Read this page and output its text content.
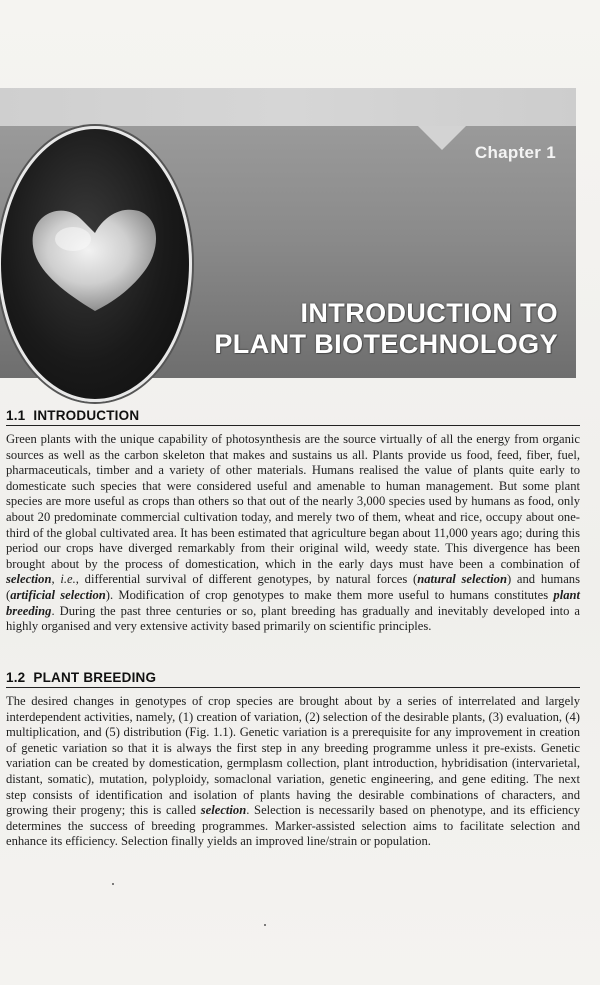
Chapter 1
INTRODUCTION TO
PLANT BIOTECHNOLOGY
1.1 INTRODUCTION

Green plants with the unique capability of photosynthesis are the source virtually of all the energy from organic sources as well as the carbon skeleton that makes and sustains us all. Plants provide us food, feed, fiber, fuel, pharmaceuticals, timber and a variety of other materials. Humans realised the value of plants quite early to domesticate such species that were considered useful and amenable to human management. But some plant species are more useful as crops than others so that out of the nearly 3,000 species used by humans as food, only about 20 predominate commercial cultivation today, and merely two of them, wheat and rice, occupy about one-third of the global cultivated area. It has been estimated that agriculture began about 11,000 years ago; during this period our crops have diverged remarkably from their original wild, weedy state. This divergence has been brought about by the process of domestication, which in the early days must have been a combination of selection, i.e., differential survival of different genotypes, by natural forces (natural selection) and humans (artificial selection). Modification of crop genotypes to make them more useful to humans constitutes plant breeding. During the past three centuries or so, plant breeding has gradually and inevitably developed into a highly organised and very extensive activity based primarily on scientific principles.

1.2 PLANT BREEDING

The desired changes in genotypes of crop species are brought about by a series of interrelated and largely interdependent activities, namely, (1) creation of variation, (2) selection of the desirable plants, (3) evaluation, (4) multiplication, and (5) distribution (Fig. 1.1). Genetic variation is a prerequisite for any improvement in creation of genetic variation so that it is always the first step in any breeding programme unless it pre-exists. Genetic variation can be created by domestication, germplasm collection, plant introduction, hybridisation (intervarietal, distant, somatic), mutation, polyploidy, somaclonal variation, genetic engineering, and gene editing. The next step consists of identification and isolation of plants having the desirable combinations of characters, and growing their progeny; this is called selection. Selection is necessarily based on phenotype, and its efficiency determines the success of breeding programmes. Marker-assisted selection aims to facilitate selection and enhance its efficiency. Selection finally yields an improved line/strain or population.
